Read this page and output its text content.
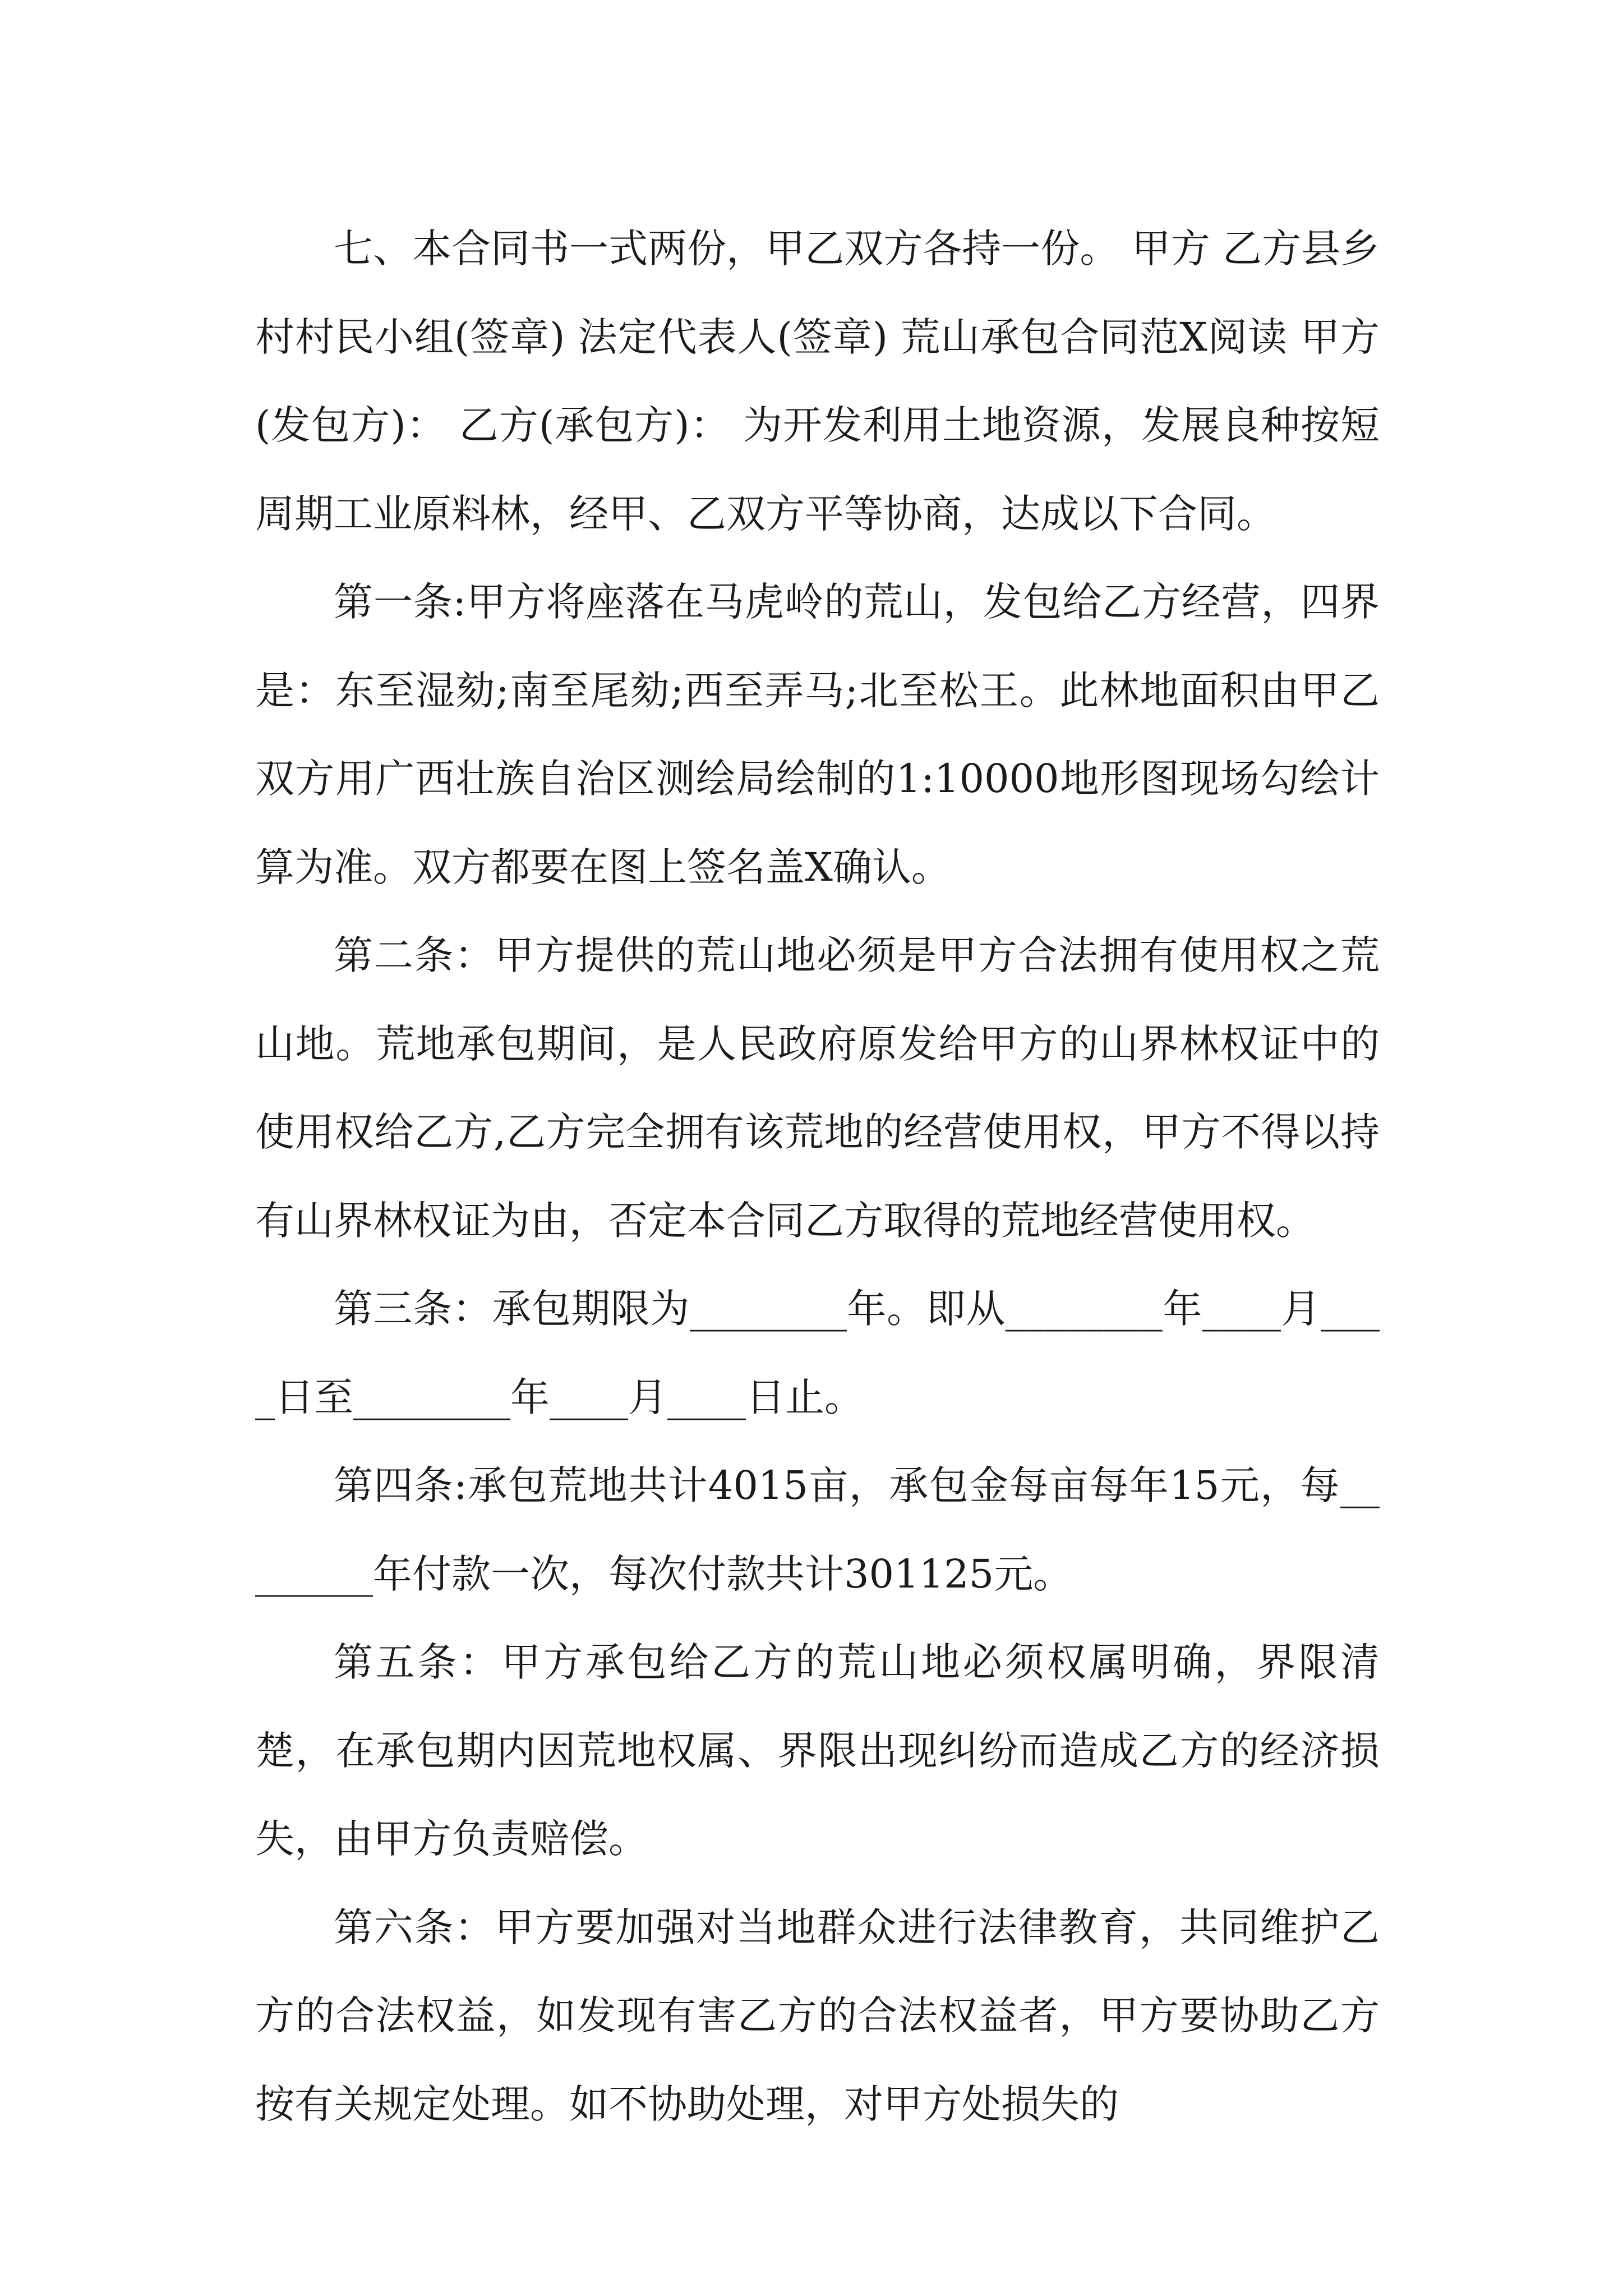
七、本合同书一式两份，甲乙双方各持一份。 甲方 乙方县乡村村民小组(签章) 法定代表人(签章) 荒山承包合同范X阅读 甲方(发包方)： 乙方(承包方)： 为开发利用土地资源，发展良种按短周期工业原料林，经甲、乙双方平等协商，达成以下合同。

第一条:甲方将座落在马虎岭的荒山，发包给乙方经营，四界是：东至湿劾;南至尾劾;西至弄马;北至松王。此林地面积由甲乙双方用广西壮族自治区测绘局绘制的1:10000地形图现场勾绘计算为准。双方都要在图上签名盖X确认。

第二条：甲方提供的荒山地必须是甲方合法拥有使用权之荒山地。荒地承包期间，是人民政府原发给甲方的山界林权证中的使用权给乙方,乙方完全拥有该荒地的经营使用权，甲方不得以持有山界林权证为由，否定本合同乙方取得的荒地经营使用权。

第三条：承包期限为________年。即从________年____月____日至________年____月____日止。

第四条:承包荒地共计4015亩，承包金每亩每年15元，每________年付款一次，每次付款共计301125元。

第五条：甲方承包给乙方的荒山地必须权属明确，界限清楚，在承包期内因荒地权属、界限出现纠纷而造成乙方的经济损失，由甲方负责赔偿。

第六条：甲方要加强对当地群众进行法律教育，共同维护乙方的合法权益，如发现有害乙方的合法权益者，甲方要协助乙方按有关规定处理。如不协助处理，对甲方处损失的
